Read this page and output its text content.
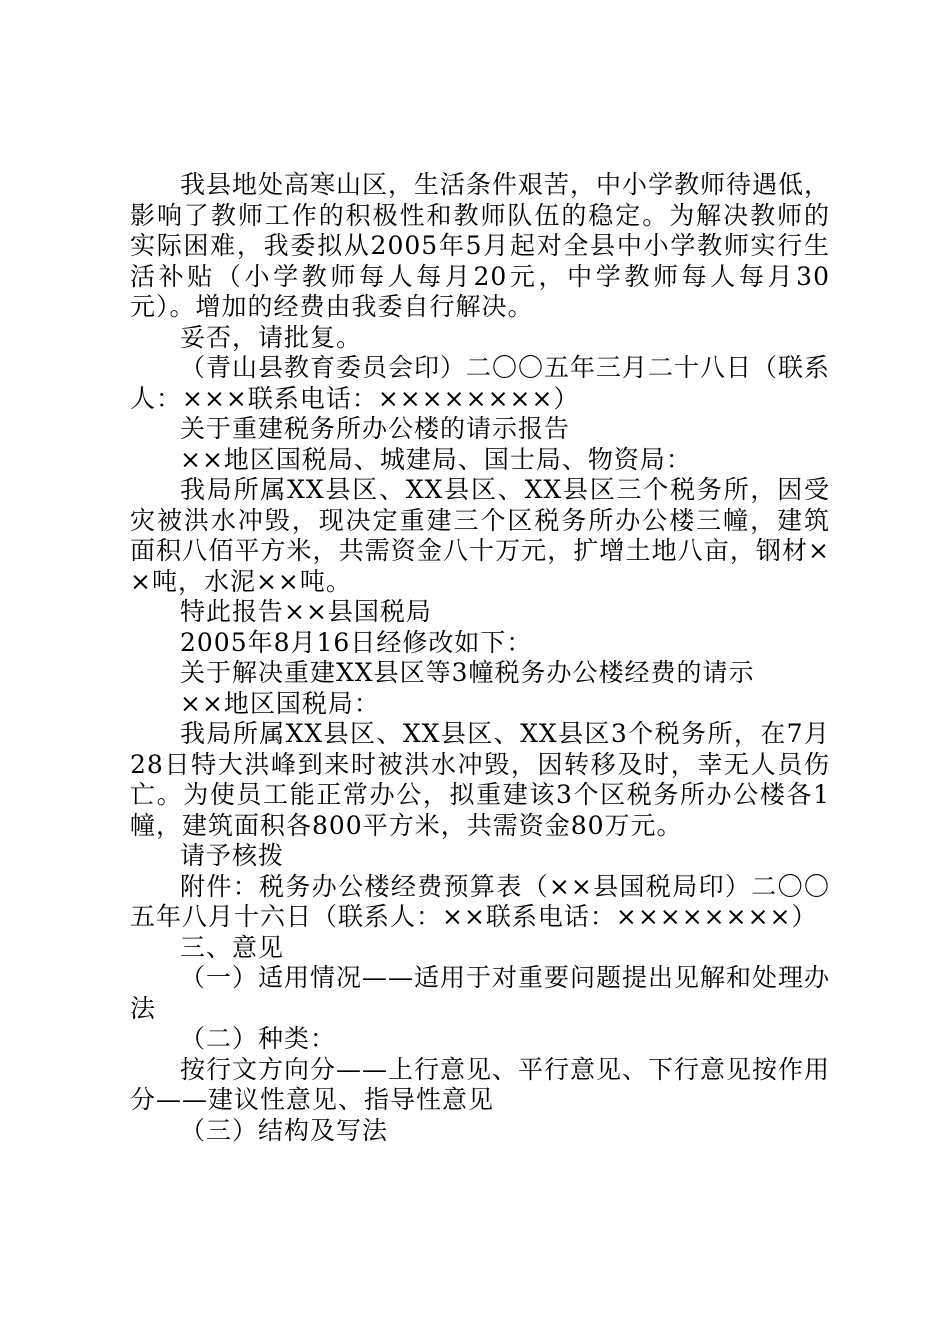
我县地处高寒山区，生活条件艰苦，中小学教师待遇低，影响了教师工作的积极性和教师队伍的稳定。为解决教师的实际困难，我委拟从2005年5月起对全县中小学教师实行生活补贴（小学教师每人每月20元，中学教师每人每月30元）。增加的经费由我委自行解决。

妥否，请批复。

（青山县教育委员会印）二〇〇五年三月二十八日（联系人：×××联系电话：××××××××）

关于重建税务所办公楼的请示报告

××地区国税局、城建局、国士局、物资局：

我局所属XX县区、XX县区、XX县区三个税务所，因受灾被洪水冲毁，现决定重建三个区税务所办公楼三幢，建筑面积八佰平方米，共需资金八十万元，扩增土地八亩，钢材××吨，水泥××吨。

特此报告××县国税局

2005年8月16日经修改如下：

关于解决重建XX县区等3幢税务办公楼经费的请示

××地区国税局：

我局所属XX县区、XX县区、XX县区3个税务所，在7月28日特大洪峰到来时被洪水冲毁，因转移及时，幸无人员伤亡。为使员工能正常办公，拟重建该3个区税务所办公楼各1幢，建筑面积各800平方米，共需资金80万元。

请予核拨

附件：税务办公楼经费预算表（××县国税局印）二〇〇五年八月十六日（联系人：××联系电话：××××××××）

三、意见

（一）适用情况——适用于对重要问题提出见解和处理办法

（二）种类：

按行文方向分——上行意见、平行意见、下行意见按作用分——建议性意见、指导性意见

（三）结构及写法
